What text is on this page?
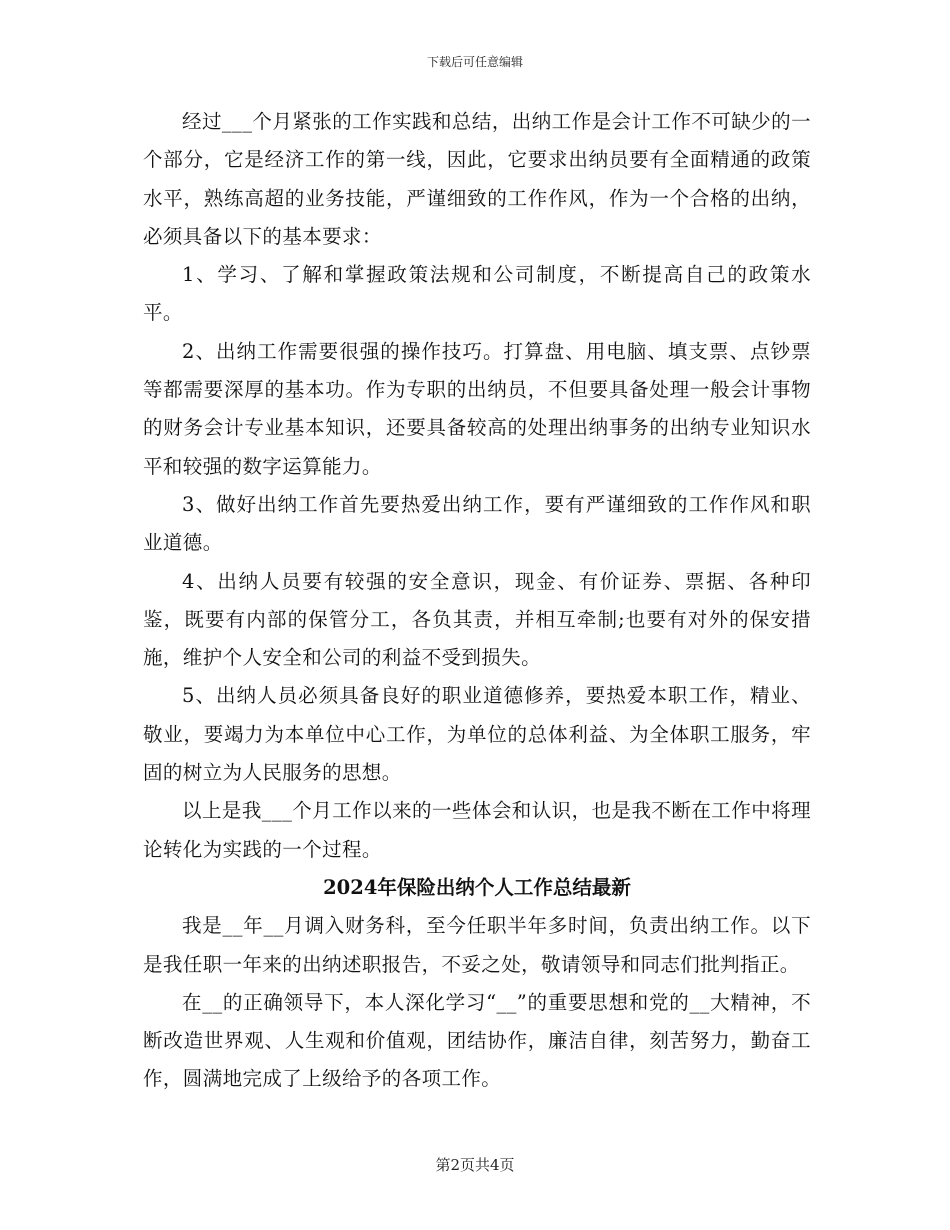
下载后可任意编辑

经过___个月紧张的工作实践和总结，出纳工作是会计工作不可缺少的一个部分，它是经济工作的第一线，因此，它要求出纳员要有全面精通的政策水平，熟练高超的业务技能，严谨细致的工作作风，作为一个合格的出纳，必须具备以下的基本要求：

1、学习、了解和掌握政策法规和公司制度，不断提高自己的政策水平。

2、出纳工作需要很强的操作技巧。打算盘、用电脑、填支票、点钞票等都需要深厚的基本功。作为专职的出纳员，不但要具备处理一般会计事物的财务会计专业基本知识，还要具备较高的处理出纳事务的出纳专业知识水平和较强的数字运算能力。

3、做好出纳工作首先要热爱出纳工作，要有严谨细致的工作作风和职业道德。

4、出纳人员要有较强的安全意识，现金、有价证券、票据、各种印鉴，既要有内部的保管分工，各负其责，并相互牵制;也要有对外的保安措施，维护个人安全和公司的利益不受到损失。

5、出纳人员必须具备良好的职业道德修养，要热爱本职工作，精业、敬业，要竭力为本单位中心工作，为单位的总体利益、为全体职工服务，牢固的树立为人民服务的思想。

以上是我___个月工作以来的一些体会和认识，也是我不断在工作中将理论转化为实践的一个过程。

2024年保险出纳个人工作总结最新

我是__年__月调入财务科，至今任职半年多时间，负责出纳工作。以下是我任职一年来的出纳述职报告，不妥之处，敬请领导和同志们批判指正。

在__的正确领导下，本人深化学习“__”的重要思想和党的__大精神，不断改造世界观、人生观和价值观，团结协作，廉洁自律，刻苦努力，勤奋工作，圆满地完成了上级给予的各项工作。

第2页共4页
